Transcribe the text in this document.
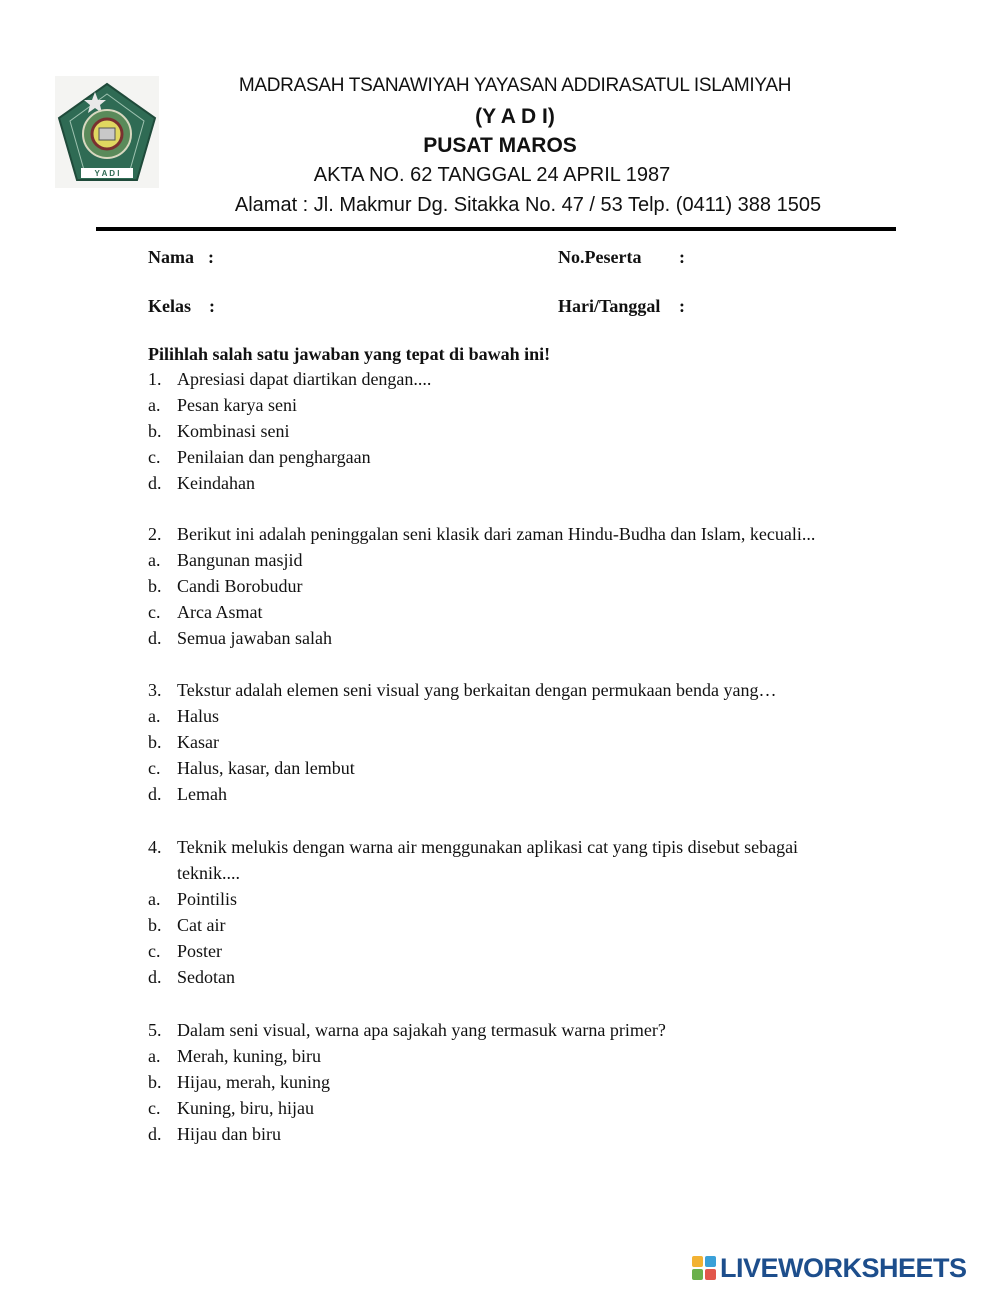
Y A D I
MADRASAH TSANAWIYAH YAYASAN ADDIRASATUL ISLAMIYAH
(Y A D I)
PUSAT MAROS
AKTA NO. 62 TANGGAL 24 APRIL 1987
Alamat : Jl. Makmur Dg. Sitakka No. 47 / 53 Telp. (0411) 388 1505
Nama :	No.Peserta :
Kelas :	Hari/Tanggal :
Pilihlah salah satu jawaban yang tepat di bawah ini!
1. Apresiasi dapat diartikan dengan....
a. Pesan karya seni
b. Kombinasi seni
c. Penilaian dan penghargaan
d. Keindahan
2. Berikut ini adalah peninggalan seni klasik dari zaman Hindu-Budha dan Islam, kecuali...
a. Bangunan masjid
b. Candi Borobudur
c. Arca Asmat
d. Semua jawaban salah
3. Tekstur adalah elemen seni visual yang berkaitan dengan permukaan benda yang…
a. Halus
b. Kasar
c. Halus, kasar, dan lembut
d. Lemah
4. Teknik melukis dengan warna air menggunakan aplikasi cat yang tipis disebut sebagai
teknik....
a. Pointilis
b. Cat air
c. Poster
d. Sedotan
5. Dalam seni visual, warna apa sajakah yang termasuk warna primer?
a. Merah, kuning, biru
b. Hijau, merah, kuning
c. Kuning, biru, hijau
d. Hijau dan biru
LIVEWORKSHEETS
